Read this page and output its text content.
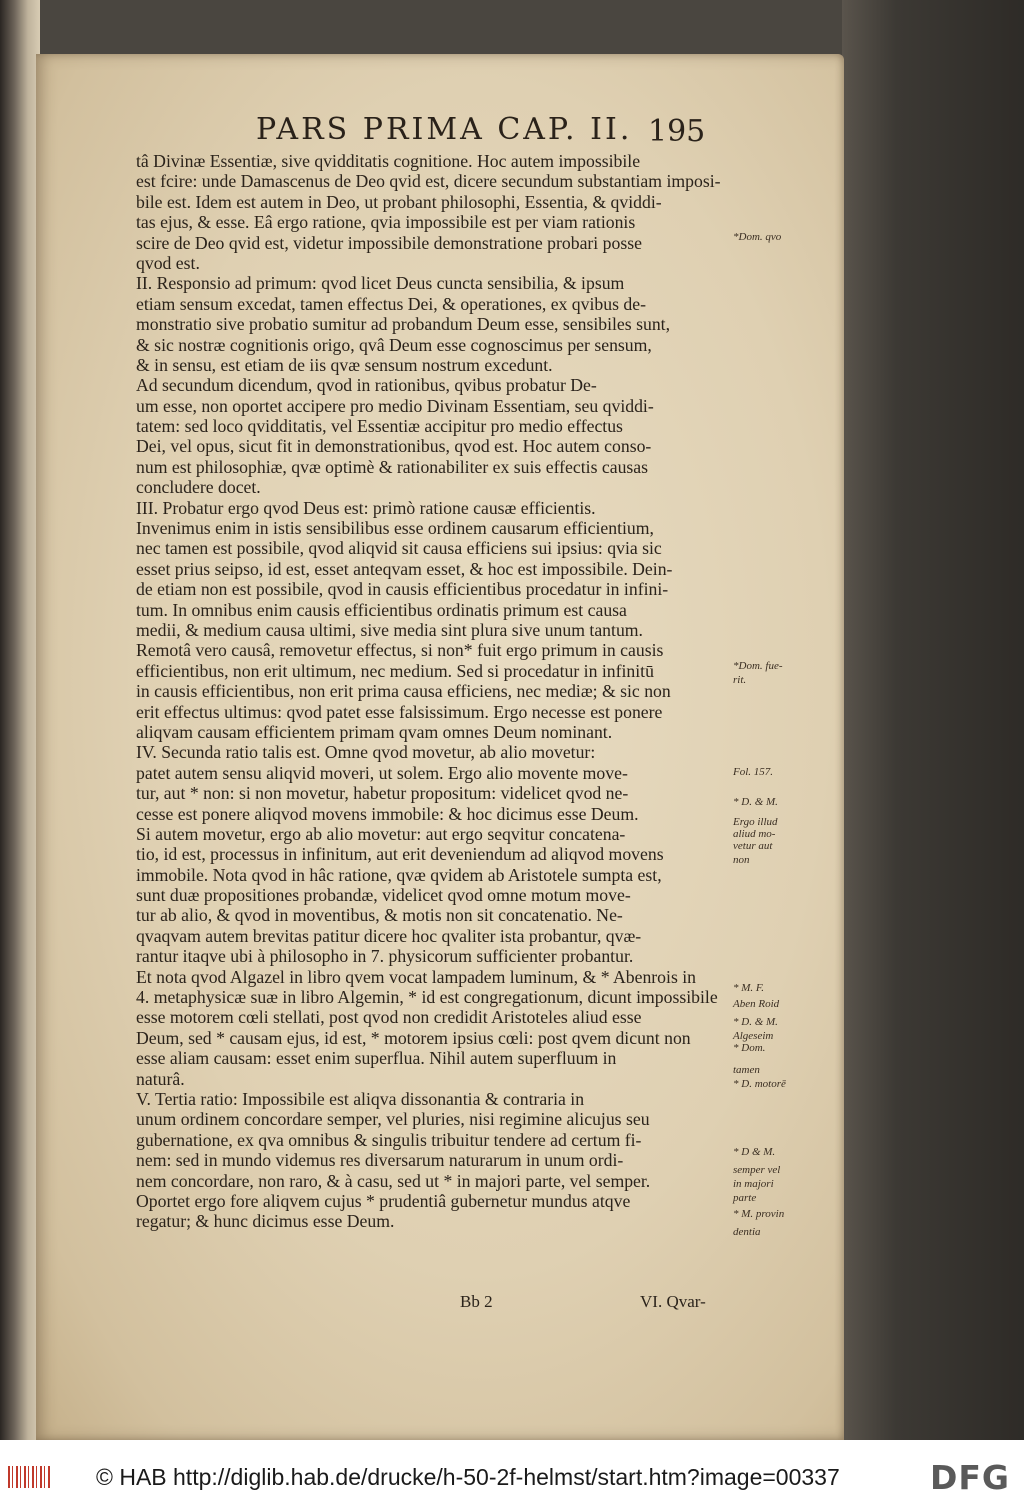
PARS PRIMA CAP. II. 195
tâ Divinæ Essentiæ, sive qvidditatis cognitione. Hoc autem impossibile
est fcire: unde Damascenus de Deo qvid est, dicere secundum substantiam imposi-
bile est. Idem est autem in Deo, ut probant philosophi, Essentia, & qviddi-
tas ejus, & esse. Eâ ergo ratione, qvia impossibile est per viam rationis
scire de Deo qvid est, videtur impossibile demonstratione probari posse
qvod est.
II. Responsio ad primum: qvod licet Deus cuncta sensibilia, & ipsum
etiam sensum excedat, tamen effectus Dei, & operationes, ex qvibus de-
monstratio sive probatio sumitur ad probandum Deum esse, sensibiles sunt,
& sic nostræ cognitionis origo, qvâ Deum esse cognoscimus per sensum,
& in sensu, est etiam de iis qvæ sensum nostrum excedunt.
Ad secundum dicendum, qvod in rationibus, qvibus probatur De-
um esse, non oportet accipere pro medio Divinam Essentiam, seu qviddi-
tatem: sed loco qvidditatis, vel Essentiæ accipitur pro medio effectus
Dei, vel opus, sicut fit in demonstrationibus, qvod est. Hoc autem conso-
num est philosophiæ, qvæ optimè & rationabiliter ex suis effectis causas
concludere docet.
III. Probatur ergo qvod Deus est: primò ratione causæ efficientis.
Invenimus enim in istis sensibilibus esse ordinem causarum efficientium,
nec tamen est possibile, qvod aliqvid sit causa efficiens sui ipsius: qvia sic
esset prius seipso, id est, esset anteqvam esset, & hoc est impossibile. Dein-
de etiam non est possibile, qvod in causis efficientibus procedatur in infini-
tum. In omnibus enim causis efficientibus ordinatis primum est causa
medii, & medium causa ultimi, sive media sint plura sive unum tantum.
Remotâ vero causâ, removetur effectus, si non* fuit ergo primum in causis
efficientibus, non erit ultimum, nec medium. Sed si procedatur in infinitū
in causis efficientibus, non erit prima causa efficiens, nec mediæ; & sic non
erit effectus ultimus: qvod patet esse falsissimum. Ergo necesse est ponere
aliqvam causam efficientem primam qvam omnes Deum nominant.
IV. Secunda ratio talis est. Omne qvod movetur, ab alio movetur:
patet autem sensu aliqvid moveri, ut solem. Ergo alio movente move-
tur, aut * non: si non movetur, habetur propositum: videlicet qvod ne-
cesse est ponere aliqvod movens immobile: & hoc dicimus esse Deum.
Si autem movetur, ergo ab alio movetur: aut ergo seqvitur concatena-
tio, id est, processus in infinitum, aut erit deveniendum ad aliqvod movens
immobile. Nota qvod in hâc ratione, qvæ qvidem ab Aristotele sumpta est,
sunt duæ propositiones probandæ, videlicet qvod omne motum move-
tur ab alio, & qvod in moventibus, & motis non sit concatenatio. Ne-
qvaqvam autem brevitas patitur dicere hoc qvaliter ista probantur, qvæ-
rantur itaqve ubi à philosopho in 7. physicorum sufficienter probantur.
Et nota qvod Algazel in libro qvem vocat lampadem luminum, & * Abenrois in
4. metaphysicæ suæ in libro Algemin, * id est congregationum, dicunt impossibile
esse motorem cœli stellati, post qvod non credidit Aristoteles aliud esse
Deum, sed * causam ejus, id est, * motorem ipsius cœli: post qvem dicunt non
esse aliam causam: esset enim superflua. Nihil autem superfluum in
naturâ.
V. Tertia ratio: Impossibile est aliqva dissonantia & contraria in
unum ordinem concordare semper, vel pluries, nisi regimine alicujus seu
gubernatione, ex qva omnibus & singulis tribuitur tendere ad certum fi-
nem: sed in mundo videmus res diversarum naturarum in unum ordi-
nem concordare, non raro, & à casu, sed ut * in majori parte, vel semper.
Oportet ergo fore aliqvem cujus * prudentiâ gubernetur mundus atqve
regatur; & hunc dicimus esse Deum.
*Dom. qvo
*Dom. fue-
rit.
Fol. 157.
* D. & M.
Ergo illud
aliud mo-
vetur aut
non
* M. F.
Aben Roid
* D. & M.
Algeseim
* Dom.
tamen
* D. motorē
* D & M.
semper vel
in majori
parte
* M. provin
dentia
Bb 2	VI. Qvar-
© HAB http://diglib.hab.de/drucke/h-50-2f-helmst/start.htm?image=00337	DFG
